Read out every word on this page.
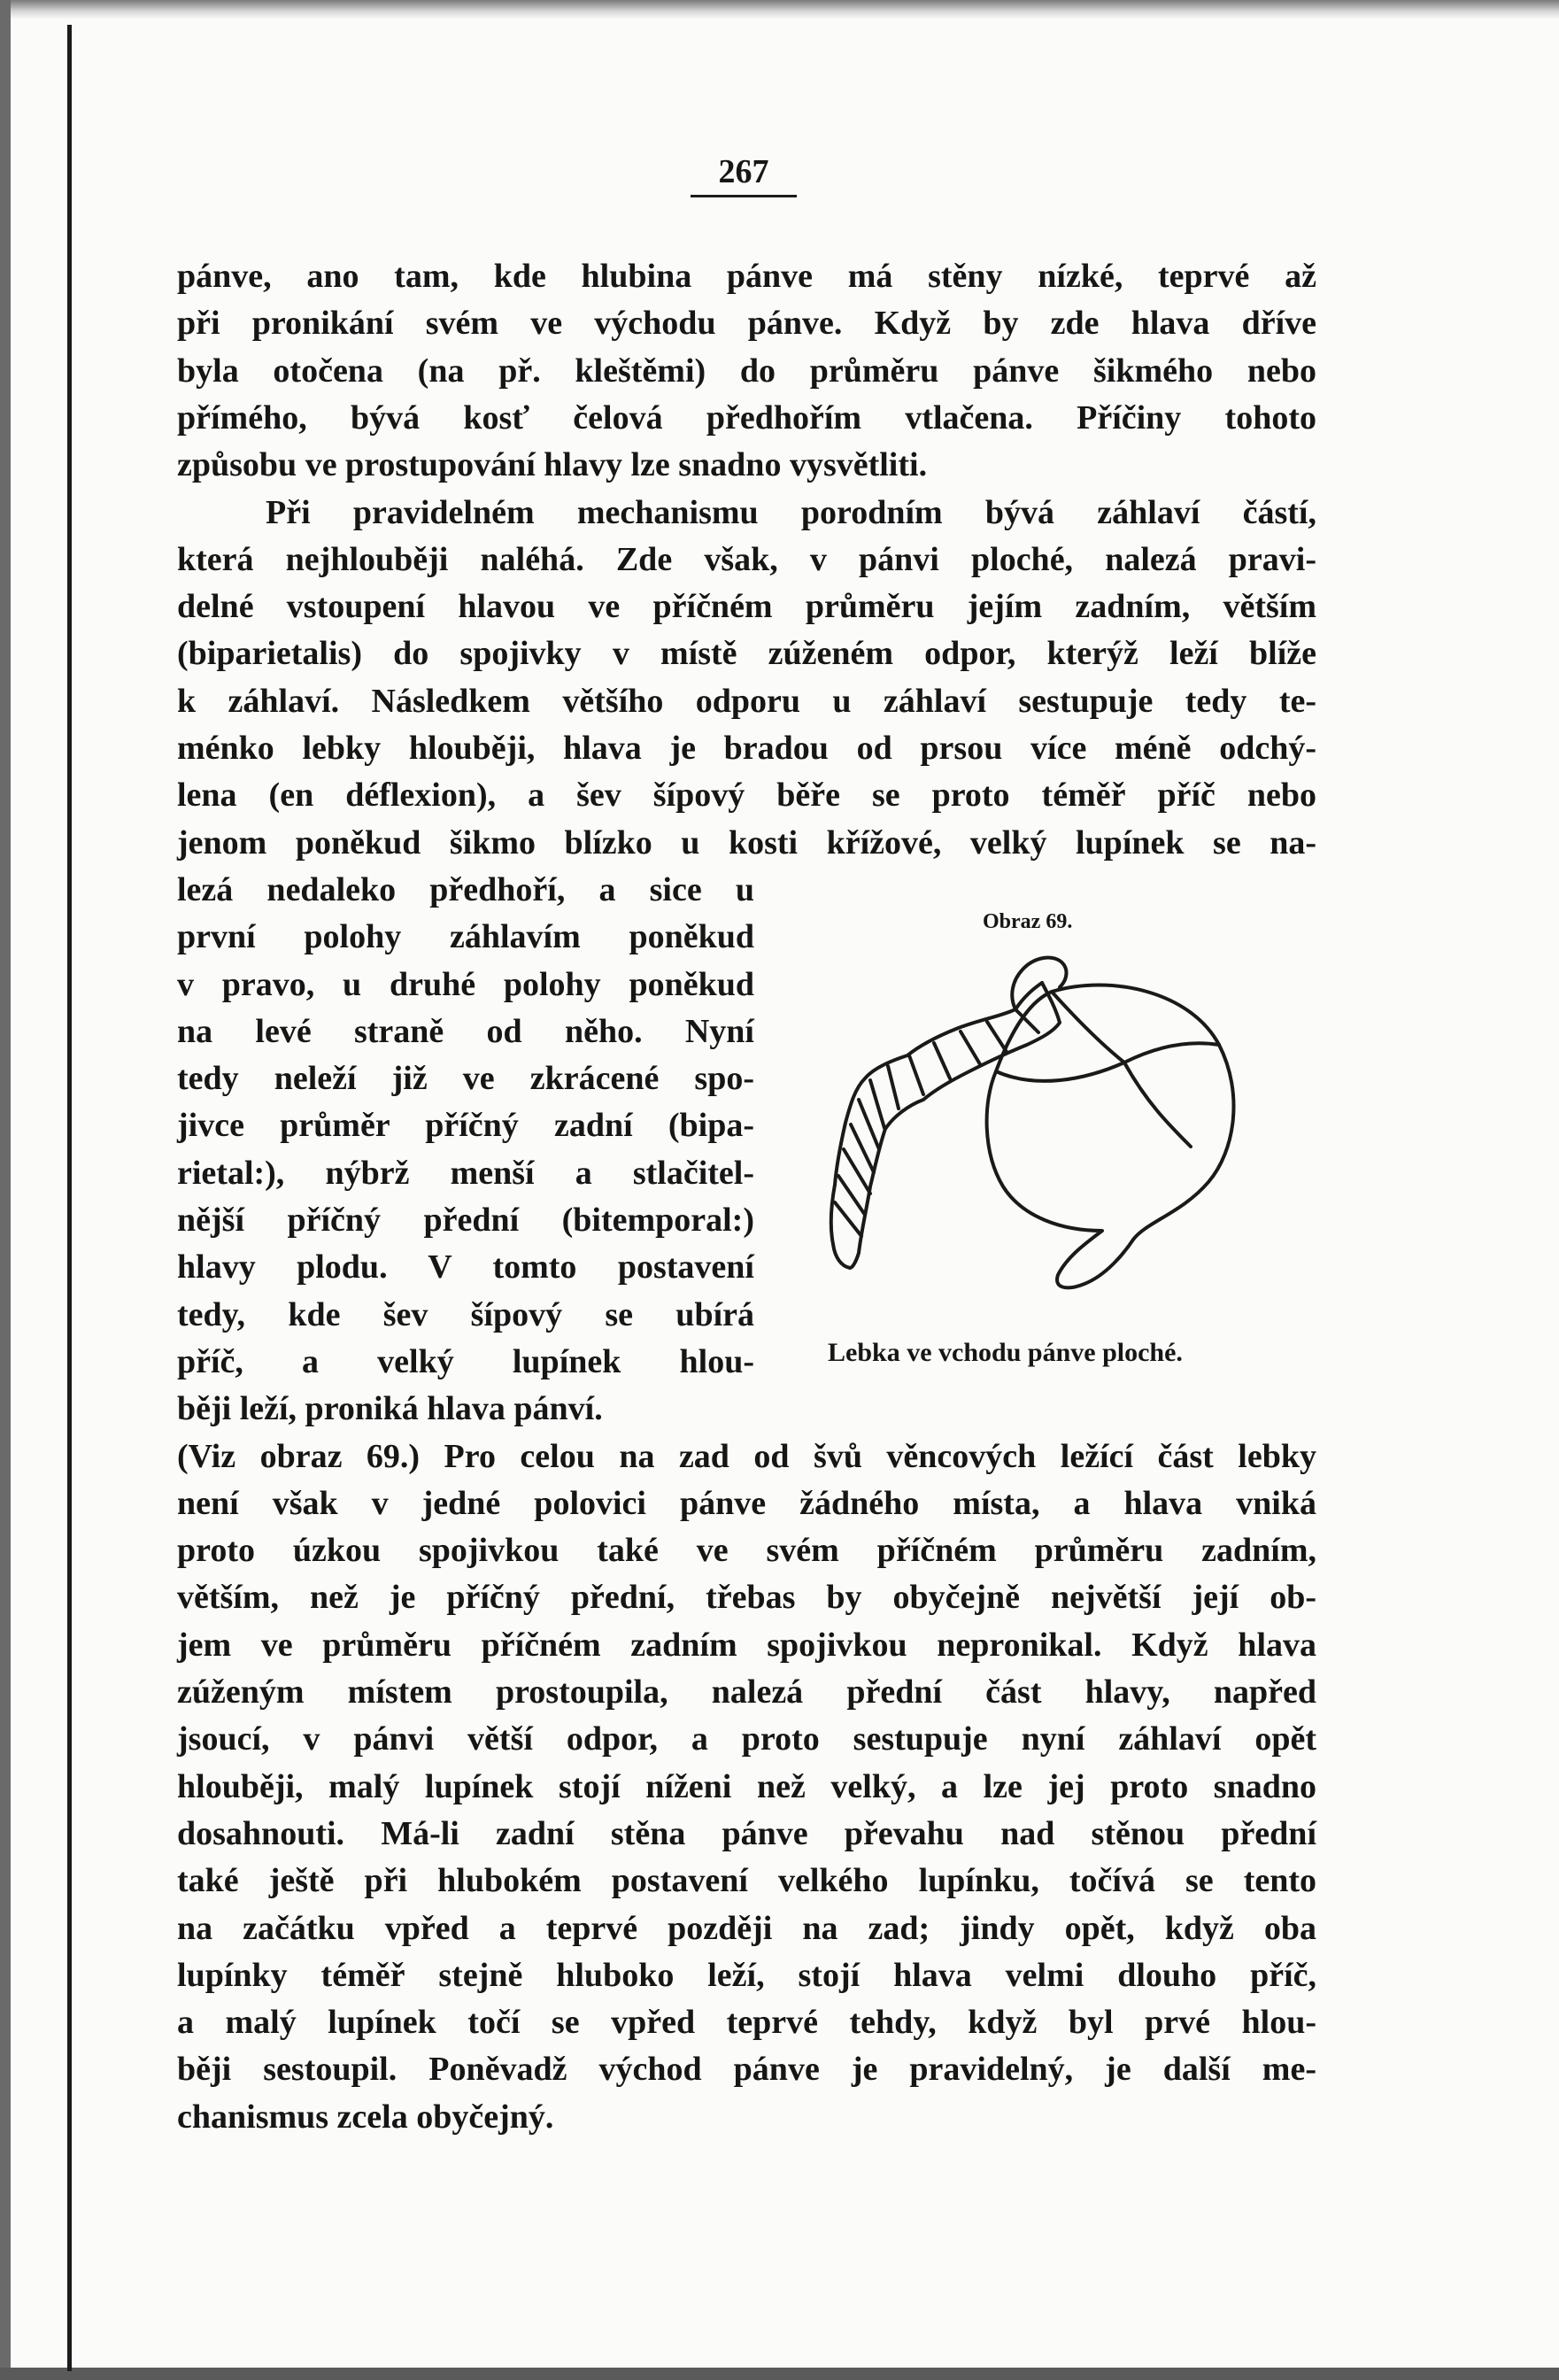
267
pánve, ano tam, kde hlubina pánve má stěny nízké, teprvé až
při pronikání svém ve východu pánve. Když by zde hlava dříve
byla otočena (na př. kleštěmi) do průměru pánve šikmého nebo
přímého, bývá kosť čelová předhořím vtlačena. Příčiny tohoto
způsobu ve prostupování hlavy lze snadno vysvětliti.
Při pravidelném mechanismu porodním bývá záhlaví částí,
která nejhlouběji naléhá. Zde však, v pánvi ploché, nalezá pravi-
delné vstoupení hlavou ve příčném průměru jejím zadním, větším
(biparietalis) do spojivky v místě zúženém odpor, kterýž leží blíže
k záhlaví. Následkem většího odporu u záhlaví sestupuje tedy te-
ménko lebky hlouběji, hlava je bradou od prsou více méně odchý-
lena (en déflexion), a šev šípový běře se proto téměř příč nebo
jenom poněkud šikmo blízko u kosti křížové, velký lupínek se na-
lezá nedaleko předhoří, a sice u
první polohy záhlavím poněkud
v pravo, u druhé polohy poněkud
na levé straně od něho. Nyní
tedy neleží již ve zkrácené spo-
jivce průměr příčný zadní (bipa-
rietal:), nýbrž menší a stlačitel-
nější příčný přední (bitemporal:)
hlavy plodu. V tomto postavení
tedy, kde šev šípový se ubírá
příč, a velký lupínek hlou-
běji leží, proniká hlava pánví.
(Viz obraz 69.) Pro celou na zad od švů věncových ležící část lebky
není však v jedné polovici pánve žádného místa, a hlava vniká
proto úzkou spojivkou také ve svém příčném průměru zadním,
větším, než je příčný přední, třebas by obyčejně největší její ob-
jem ve průměru příčném zadním spojivkou nepronikal. Když hlava
zúženým místem prostoupila, nalezá přední část hlavy, napřed
jsoucí, v pánvi větší odpor, a proto sestupuje nyní záhlaví opět
hlouběji, malý lupínek stojí níženi než velký, a lze jej proto snadno
dosahnouti. Má-li zadní stěna pánve převahu nad stěnou přední
také ještě při hlubokém postavení velkého lupínku, točívá se tento
na začátku vpřed a teprvé později na zad; jindy opět, když oba
lupínky téměř stejně hluboko leží, stojí hlava velmi dlouho příč,
a malý lupínek točí se vpřed teprvé tehdy, když byl prvé hlou-
běji sestoupil. Poněvadž východ pánve je pravidelný, je další me-
chanismus zcela obyčejný.
Obraz 69.
Lebka ve vchodu pánve ploché.
